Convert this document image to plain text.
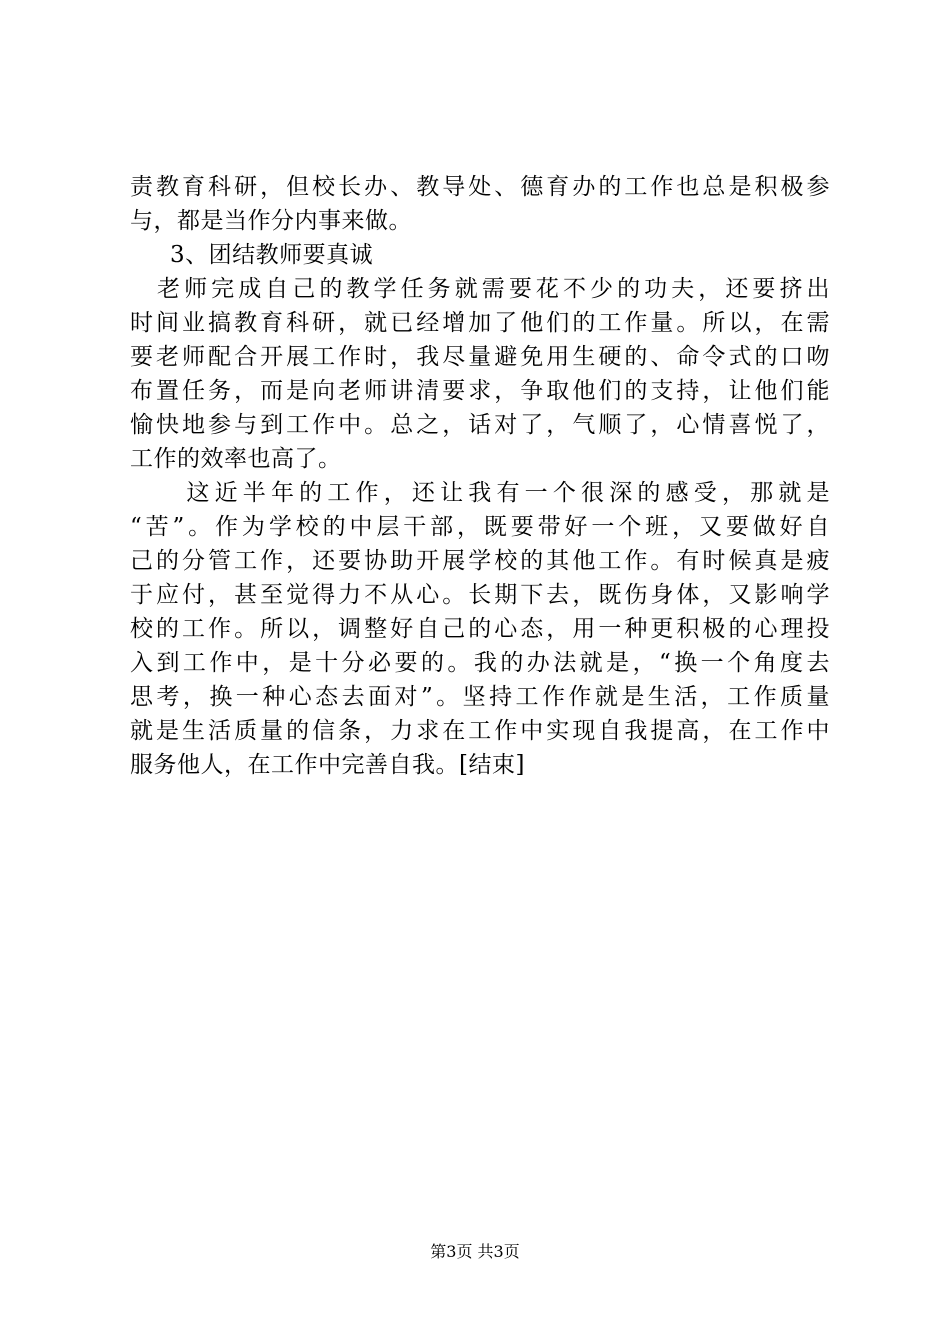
责教育科研，但校长办、教导处、德育办的工作也总是积极参
与，都是当作分内事来做。
3、团结教师要真诚
　老师完成自己的教学任务就需要花不少的功夫，还要挤出
时间业搞教育科研，就已经增加了他们的工作量。所以，在需
要老师配合开展工作时，我尽量避免用生硬的、命令式的口吻
布置任务，而是向老师讲清要求，争取他们的支持，让他们能
愉快地参与到工作中。总之，话对了，气顺了，心情喜悦了，
工作的效率也高了。
　　这近半年的工作，还让我有一个很深的感受，那就是
“苦”。作为学校的中层干部，既要带好一个班，又要做好自
己的分管工作，还要协助开展学校的其他工作。有时候真是疲
于应付，甚至觉得力不从心。长期下去，既伤身体，又影响学
校的工作。所以，调整好自己的心态，用一种更积极的心理投
入到工作中，是十分必要的。我的办法就是，“换一个角度去
思考，换一种心态去面对”。坚持工作作就是生活，工作质量
就是生活质量的信条，力求在工作中实现自我提高，在工作中
服务他人，在工作中完善自我。[结束]
第3页 共3页
